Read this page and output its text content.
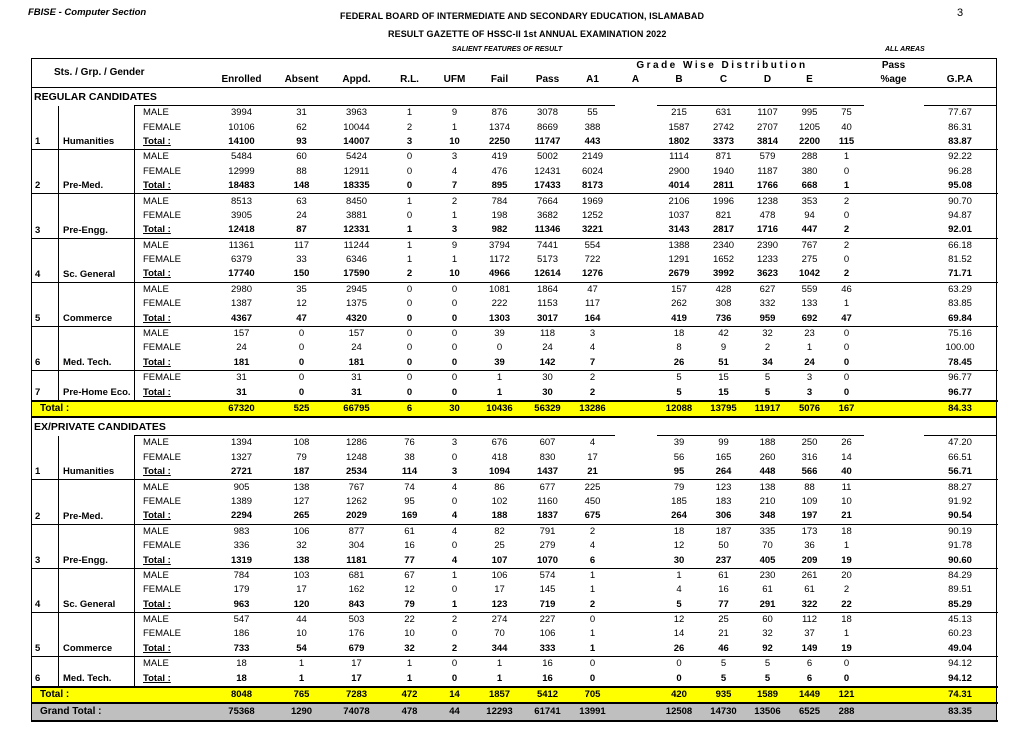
FBISE - Computer Section	3
FEDERAL BOARD OF INTERMEDIATE AND SECONDARY EDUCATION, ISLAMABAD
RESULT GAZETTE OF HSSC-II 1st ANNUAL EXAMINATION 2022
SALIENT FEATURES OF RESULT	ALL AREAS
Sts. / Grp. / Gender											Grade Wise Distribution						Pass		
			Enrolled	Absent	Appd.	R.L.	UFM	Fail	Pass	A1	A	B	C	D	E		%age	G.P.A	
REGULAR CANDIDATES																			
1	Humanities	MALE	3994	31	3963	1	9	876	3078	55		215	631	1107	995	75		77.67	
		FEMALE	10106	62	10044	2	1	1374	8669	388		1587	2742	2707	1205	40		86.31	
		Total :	14100	93	14007	3	10	2250	11747	443		1802	3373	3814	2200	115		83.87	
2	Pre-Med.	MALE	5484	60	5424	0	3	419	5002	2149		1114	871	579	288	1		92.22	
		FEMALE	12999	88	12911	0	4	476	12431	6024		2900	1940	1187	380	0		96.28	
		Total :	18483	148	18335	0	7	895	17433	8173		4014	2811	1766	668	1		95.08	
3	Pre-Engg.	MALE	8513	63	8450	1	2	784	7664	1969		2106	1996	1238	353	2		90.70	
		FEMALE	3905	24	3881	0	1	198	3682	1252		1037	821	478	94	0		94.87	
		Total :	12418	87	12331	1	3	982	11346	3221		3143	2817	1716	447	2		92.01	
4	Sc. General	MALE	11361	117	11244	1	9	3794	7441	554		1388	2340	2390	767	2		66.18	
		FEMALE	6379	33	6346	1	1	1172	5173	722		1291	1652	1233	275	0		81.52	
		Total :	17740	150	17590	2	10	4966	12614	1276		2679	3992	3623	1042	2		71.71	
5	Commerce	MALE	2980	35	2945	0	0	1081	1864	47		157	428	627	559	46		63.29	
		FEMALE	1387	12	1375	0	0	222	1153	117		262	308	332	133	1		83.85	
		Total :	4367	47	4320	0	0	1303	3017	164		419	736	959	692	47		69.84	
6	Med. Tech.	MALE	157	0	157	0	0	39	118	3		18	42	32	23	0		75.16	
		FEMALE	24	0	24	0	0	0	24	4		8	9	2	1	0		100.00	
		Total :	181	0	181	0	0	39	142	7		26	51	34	24	0		78.45	
7	Pre-Home Eco.	FEMALE	31	0	31	0	0	1	30	2		5	15	5	3	0		96.77	
		Total :	31	0	31	0	0	1	30	2		5	15	5	3	0		96.77	
Total :			67320	525	66795	6	30	10436	56329	13286		12088	13795	11917	5076	167		84.33	
EX/PRIVATE CANDIDATES																			
1	Humanities	MALE	1394	108	1286	76	3	676	607	4		39	99	188	250	26		47.20	
		FEMALE	1327	79	1248	38	0	418	830	17		56	165	260	316	14		66.51	
		Total :	2721	187	2534	114	3	1094	1437	21		95	264	448	566	40		56.71	
2	Pre-Med.	MALE	905	138	767	74	4	86	677	225		79	123	138	88	11		88.27	
		FEMALE	1389	127	1262	95	0	102	1160	450		185	183	210	109	10		91.92	
		Total :	2294	265	2029	169	4	188	1837	675		264	306	348	197	21		90.54	
3	Pre-Engg.	MALE	983	106	877	61	4	82	791	2		18	187	335	173	18		90.19	
		FEMALE	336	32	304	16	0	25	279	4		12	50	70	36	1		91.78	
		Total :	1319	138	1181	77	4	107	1070	6		30	237	405	209	19		90.60	
4	Sc. General	MALE	784	103	681	67	1	106	574	1		1	61	230	261	20		84.29	
		FEMALE	179	17	162	12	0	17	145	1		4	16	61	61	2		89.51	
		Total :	963	120	843	79	1	123	719	2		5	77	291	322	22		85.29	
5	Commerce	MALE	547	44	503	22	2	274	227	0		12	25	60	112	18		45.13	
		FEMALE	186	10	176	10	0	70	106	1		14	21	32	37	1		60.23	
		Total :	733	54	679	32	2	344	333	1		26	46	92	149	19		49.04	
6	Med. Tech.	MALE	18	1	17	1	0	1	16	0		0	5	5	6	0		94.12	
		Total :	18	1	17	1	0	1	16	0		0	5	5	6	0		94.12	
Total :			8048	765	7283	472	14	1857	5412	705		420	935	1589	1449	121		74.31	
Grand Total :			75368	1290	74078	478	44	12293	61741	13991		12508	14730	13506	6525	288		83.35	
